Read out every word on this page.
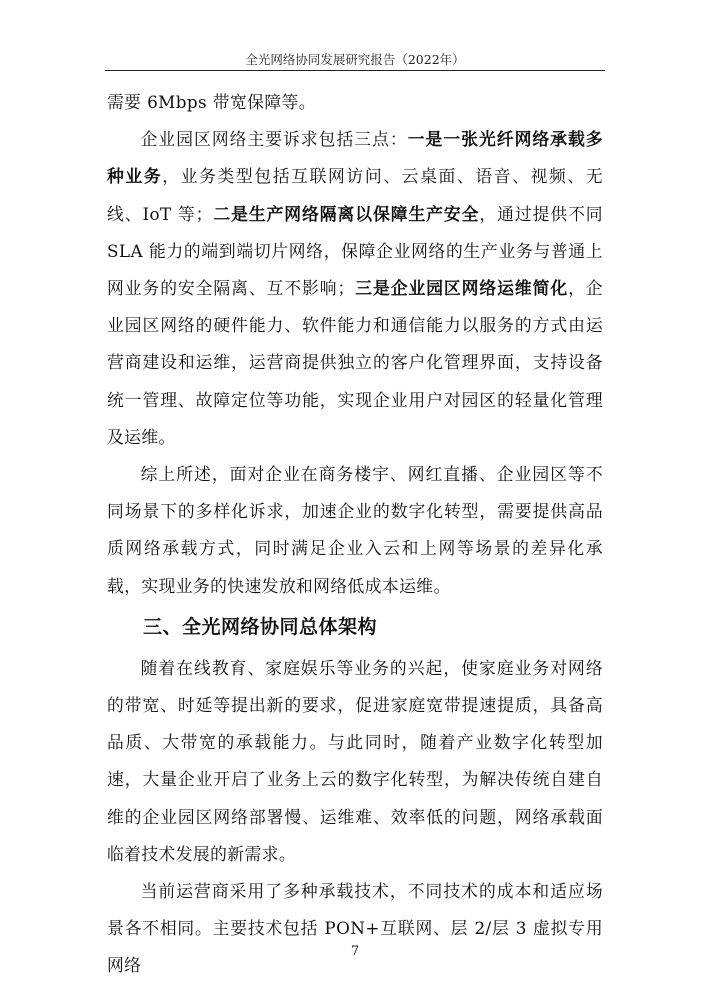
全光网络协同发展研究报告（2022年）

需要 6Mbps 带宽保障等。

企业园区网络主要诉求包括三点：一是一张光纤网络承载多种业务，业务类型包括互联网访问、云桌面、语音、视频、无线、IoT 等；二是生产网络隔离以保障生产安全，通过提供不同 SLA 能力的端到端切片网络，保障企业网络的生产业务与普通上网业务的安全隔离、互不影响；三是企业园区网络运维简化，企业园区网络的硬件能力、软件能力和通信能力以服务的方式由运营商建设和运维，运营商提供独立的客户化管理界面，支持设备统一管理、故障定位等功能，实现企业用户对园区的轻量化管理及运维。

综上所述，面对企业在商务楼宇、网红直播、企业园区等不同场景下的多样化诉求，加速企业的数字化转型，需要提供高品质网络承载方式，同时满足企业入云和上网等场景的差异化承载，实现业务的快速发放和网络低成本运维。

三、全光网络协同总体架构

随着在线教育、家庭娱乐等业务的兴起，使家庭业务对网络的带宽、时延等提出新的要求，促进家庭宽带提速提质，具备高品质、大带宽的承载能力。与此同时，随着产业数字化转型加速，大量企业开启了业务上云的数字化转型，为解决传统自建自维的企业园区网络部署慢、运维难、效率低的问题，网络承载面临着技术发展的新需求。

当前运营商采用了多种承载技术，不同技术的成本和适应场景各不相同。主要技术包括 PON+互联网、层 2/层 3 虚拟专用网络

7
